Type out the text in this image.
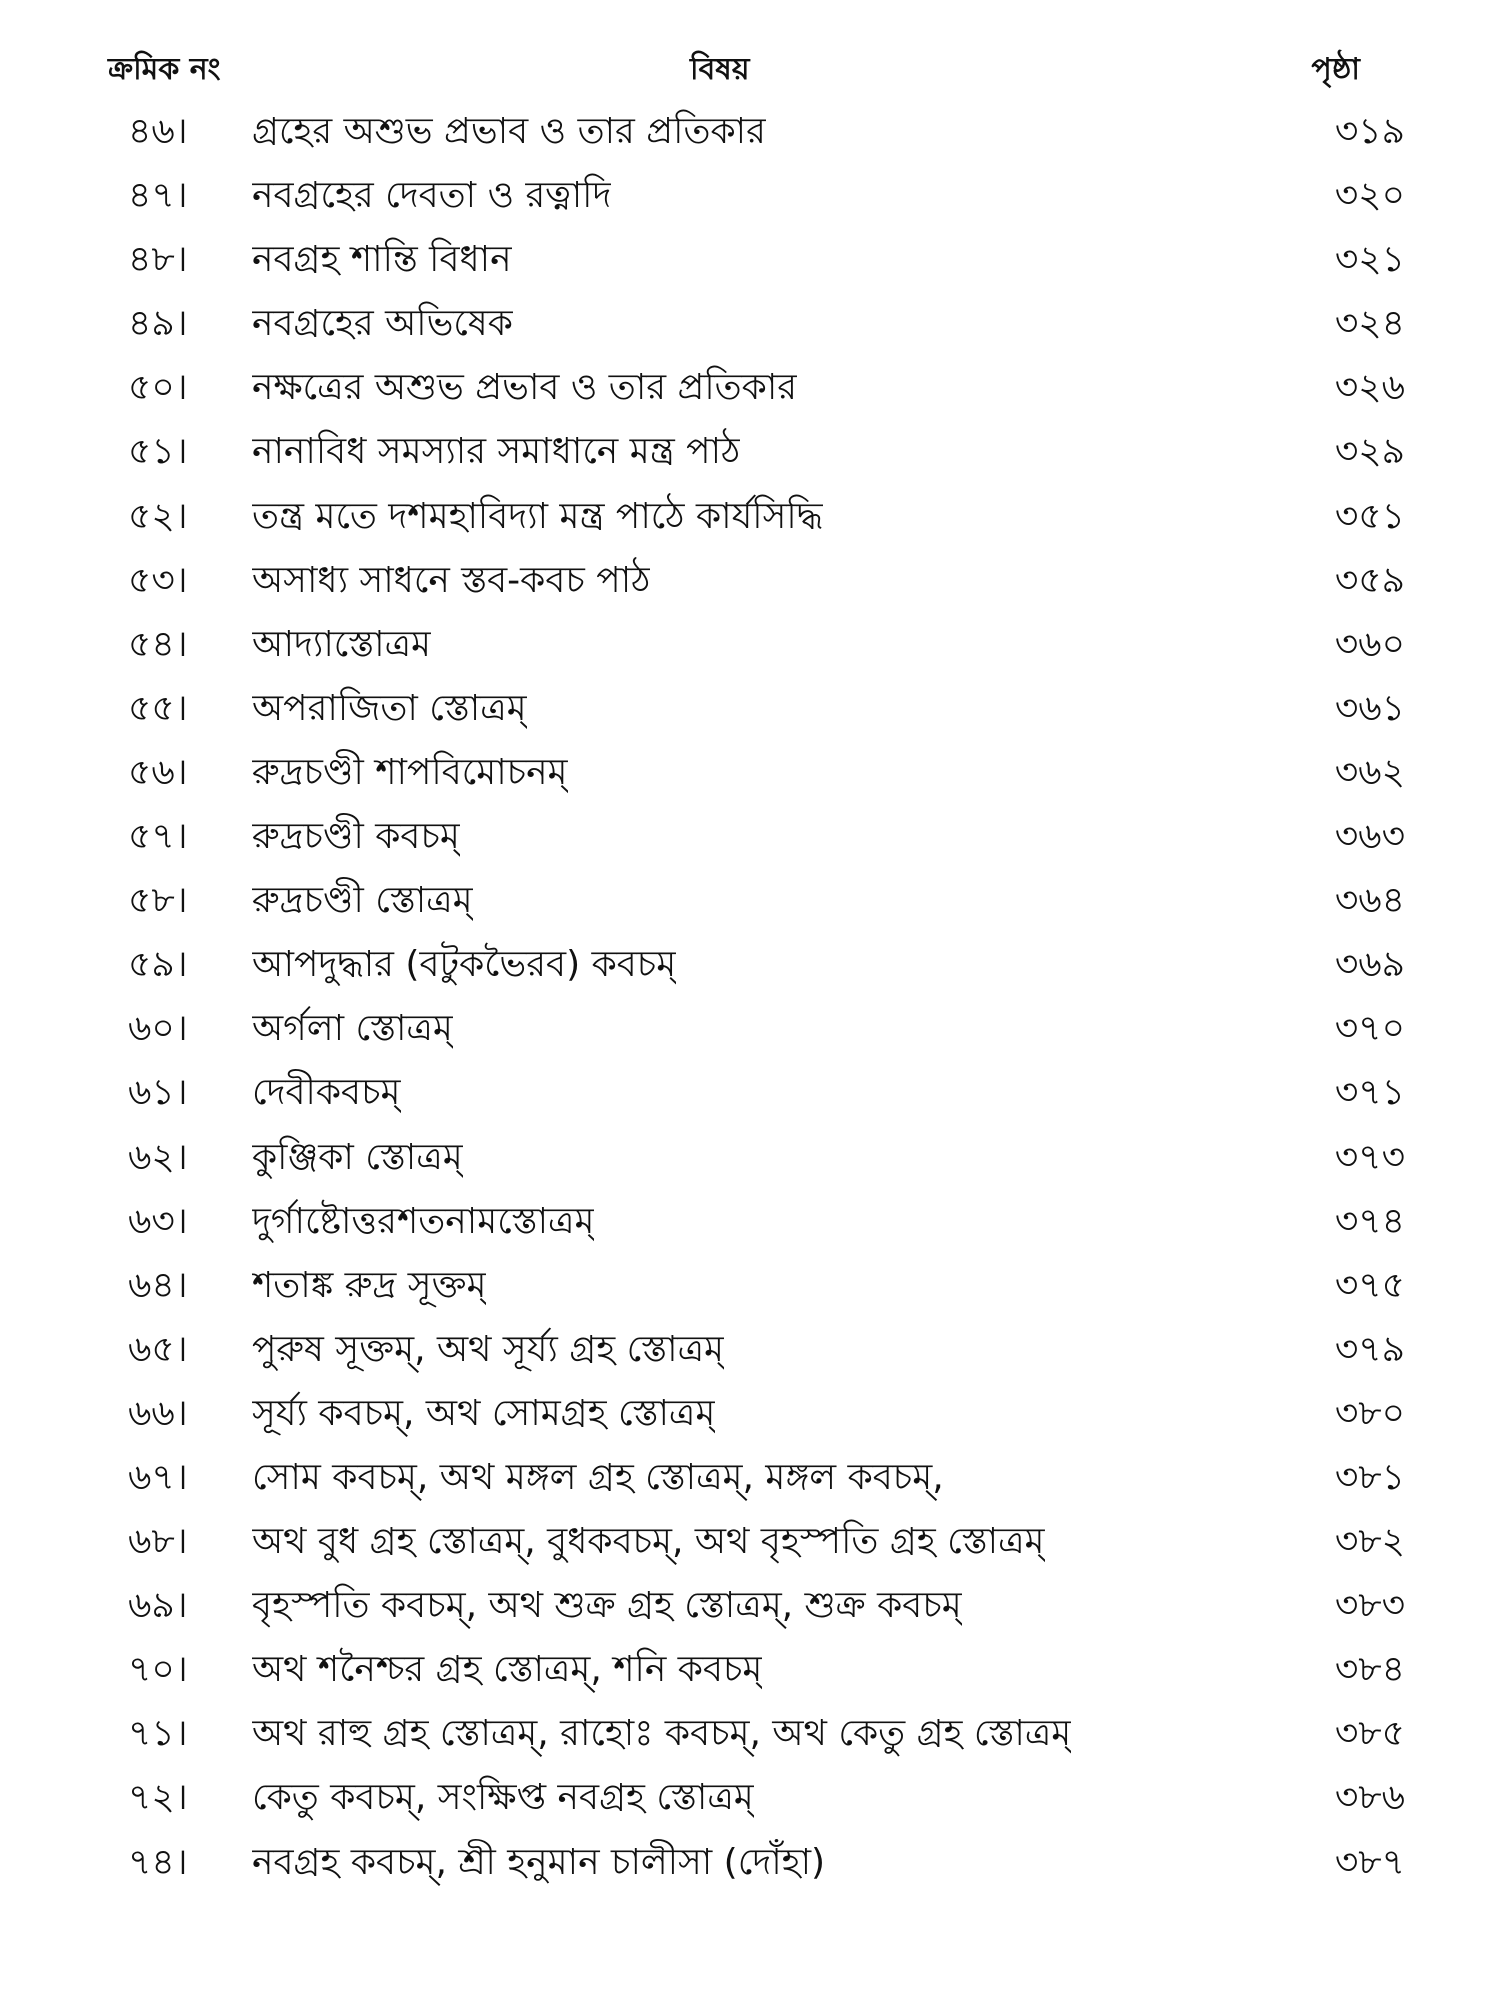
ক্রমিক নং	বিষয়	পৃষ্ঠা
৪৬।	গ্রহের অশুভ প্রভাব ও তার প্রতিকার	৩১৯
৪৭।	নবগ্রহের দেবতা ও রত্নাদি	৩২০
৪৮।	নবগ্রহ শান্তি বিধান	৩২১
৪৯।	নবগ্রহের অভিষেক	৩২৪
৫০।	নক্ষত্রের অশুভ প্রভাব ও তার প্রতিকার	৩২৬
৫১।	নানাবিধ সমস্যার সমাধানে মন্ত্র পাঠ	৩২৯
৫২।	তন্ত্র মতে দশমহাবিদ্যা মন্ত্র পাঠে কার্যসিদ্ধি	৩৫১
৫৩।	অসাধ্য সাধনে স্তব-কবচ পাঠ	৩৫৯
৫৪।	আদ্যাস্তোত্রম	৩৬০
৫৫।	অপরাজিতা স্তোত্রম্	৩৬১
৫৬।	রুদ্রচণ্ডী শাপবিমোচনম্	৩৬২
৫৭।	রুদ্রচণ্ডী কবচম্	৩৬৩
৫৮।	রুদ্রচণ্ডী স্তোত্রম্	৩৬৪
৫৯।	আপদুদ্ধার (বটুকভৈরব) কবচম্	৩৬৯
৬০।	অর্গলা স্তোত্রম্	৩৭০
৬১।	দেবীকবচম্	৩৭১
৬২।	কুঞ্জিকা স্তোত্রম্	৩৭৩
৬৩।	দুর্গাষ্টোত্তরশতনামস্তোত্রম্	৩৭৪
৬৪।	শতাঙ্ক রুদ্র সূক্তম্	৩৭৫
৬৫।	পুরুষ সূক্তম্, অথ সূর্য্য গ্রহ স্তোত্রম্	৩৭৯
৬৬।	সূর্য্য কবচম্, অথ সোমগ্রহ স্তোত্রম্	৩৮০
৬৭।	সোম কবচম্, অথ মঙ্গল গ্রহ স্তোত্রম্, মঙ্গল কবচম্,	৩৮১
৬৮।	অথ বুধ গ্রহ স্তোত্রম্, বুধকবচম্, অথ বৃহস্পতি গ্রহ স্তোত্রম্	৩৮২
৬৯।	বৃহস্পতি কবচম্, অথ শুক্র গ্রহ স্তোত্রম্, শুক্র কবচম্	৩৮৩
৭০।	অথ শনৈশ্চর গ্রহ স্তোত্রম্, শনি কবচম্	৩৮৪
৭১।	অথ রাহু গ্রহ স্তোত্রম্, রাহোঃ কবচম্, অথ কেতু গ্রহ স্তোত্রম্	৩৮৫
৭২।	কেতু কবচম্, সংক্ষিপ্ত নবগ্রহ স্তোত্রম্	৩৮৬
৭৪।	নবগ্রহ কবচম্, শ্রী হনুমান চালীসা (দোঁহা)	৩৮৭
